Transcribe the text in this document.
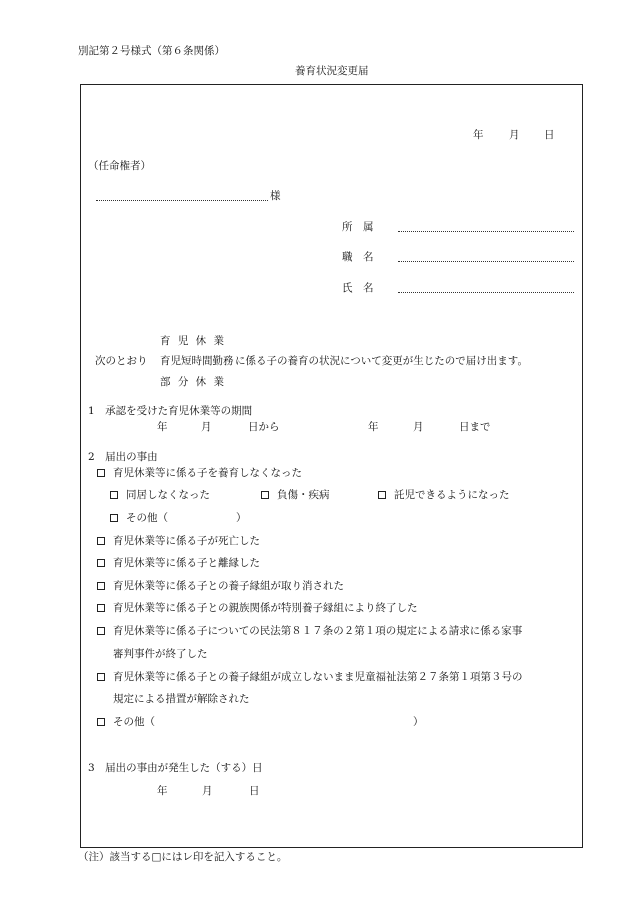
別記第２号様式（第６条関係）
養育状況変更届
年 月 日
（任命権者）
様
所　属
職　名
氏　名
育 児 休 業
次のとおり 育児短時間勤務 に係る子の養育の状況について変更が生じたので届け出ます。
部 分 休 業
1　承認を受けた育児休業等の期間
年	月	日から	年	月	日まで
2　届出の事由
育児休業等に係る子を養育しなくなった
同居しなくなった	負傷・疾病	託児できるようになった
その他（	）
育児休業等に係る子が死亡した
育児休業等に係る子と離縁した
育児休業等に係る子との養子縁組が取り消された
育児休業等に係る子との親族関係が特別養子縁組により終了した
育児休業等に係る子についての民法第８１７条の２第１項の規定による請求に係る家事
審判事件が終了した
育児休業等に係る子との養子縁組が成立しないまま児童福祉法第２７条第１項第３号の
規定による措置が解除された
その他（	）
3　届出の事由が発生した（する）日
年	月	日
（注）該当する□にはレ印を記入すること。
